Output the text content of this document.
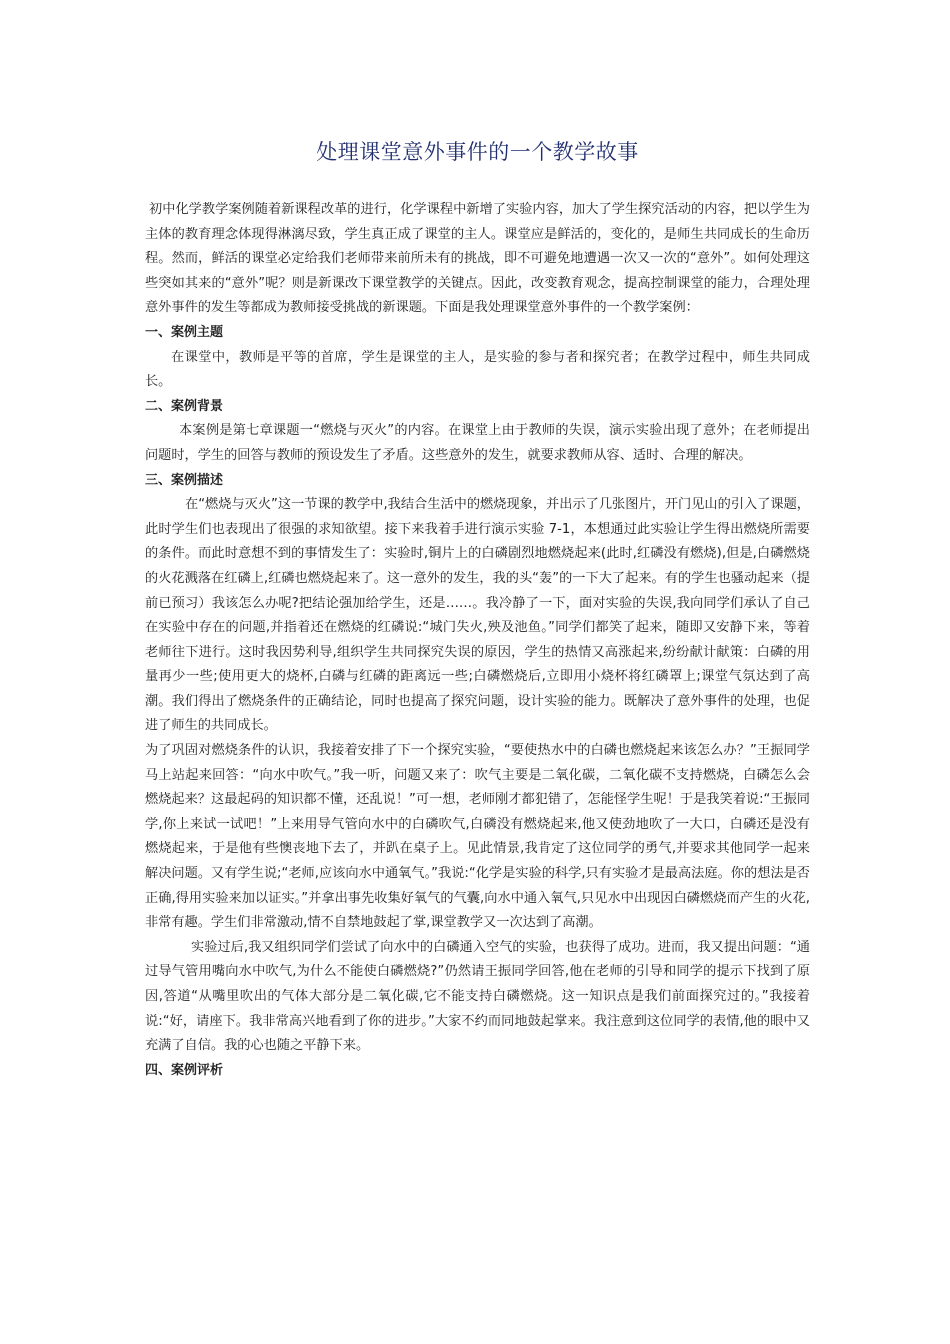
处理课堂意外事件的一个教学故事

初中化学教学案例随着新课程改革的进行，化学课程中新增了实验内容，加大了学生探究活动的内容，把以学生为主体的教育理念体现得淋漓尽致，学生真正成了课堂的主人。课堂应是鲜活的，变化的，是师生共同成长的生命历程。然而，鲜活的课堂必定给我们老师带来前所未有的挑战，即不可避免地遭遇一次又一次的“意外”。如何处理这些突如其来的“意外”呢？则是新课改下课堂教学的关键点。因此，改变教育观念，提高控制课堂的能力，合理处理意外事件的发生等都成为教师接受挑战的新课题。下面是我处理课堂意外事件的一个教学案例：

一、案例主题

在课堂中，教师是平等的首席，学生是课堂的主人，是实验的参与者和探究者；在教学过程中，师生共同成长。

二、案例背景

本案例是第七章课题一“燃烧与灭火”的内容。在课堂上由于教师的失误，演示实验出现了意外；在老师提出问题时，学生的回答与教师的预设发生了矛盾。这些意外的发生，就要求教师从容、适时、合理的解决。

三、案例描述

在“燃烧与灭火”这一节课的教学中,我结合生活中的燃烧现象，并出示了几张图片，开门见山的引入了课题，此时学生们也表现出了很强的求知欲望。接下来我着手进行演示实验 7-1，本想通过此实验让学生得出燃烧所需要的条件。而此时意想不到的事情发生了：实验时,铜片上的白磷剧烈地燃烧起来(此时,红磷没有燃烧),但是,白磷燃烧的火花溅落在红磷上,红磷也燃烧起来了。这一意外的发生，我的头“轰”的一下大了起来。有的学生也骚动起来（提前已预习）我该怎么办呢?把结论强加给学生，还是……。我冷静了一下，面对实验的失误,我向同学们承认了自己在实验中存在的问题,并指着还在燃烧的红磷说:“城门失火,殃及池鱼。”同学们都笑了起来，随即又安静下来，等着老师往下进行。这时我因势利导,组织学生共同探究失误的原因，学生的热情又高涨起来,纷纷献计献策：白磷的用量再少一些;使用更大的烧杯,白磷与红磷的距离远一些;白磷燃烧后,立即用小烧杯将红磷罩上;课堂气氛达到了高潮。我们得出了燃烧条件的正确结论，同时也提高了探究问题，设计实验的能力。既解决了意外事件的处理，也促进了师生的共同成长。

为了巩固对燃烧条件的认识，我接着安排了下一个探究实验，“要使热水中的白磷也燃烧起来该怎么办？”王振同学马上站起来回答：“向水中吹气。”我一听，问题又来了：吹气主要是二氧化碳，二氧化碳不支持燃烧，白磷怎么会燃烧起来？这最起码的知识都不懂，还乱说！”可一想，老师刚才都犯错了，怎能怪学生呢！于是我笑着说:“王振同学,你上来试一试吧！”上来用导气管向水中的白磷吹气,白磷没有燃烧起来,他又使劲地吹了一大口，白磷还是没有燃烧起来，于是他有些懊丧地下去了，并趴在桌子上。见此情景,我肯定了这位同学的勇气,并要求其他同学一起来解决问题。又有学生说;“老师,应该向水中通氧气。”我说:“化学是实验的科学,只有实验才是最高法庭。你的想法是否正确,得用实验来加以证实。”并拿出事先收集好氧气的气囊,向水中通入氧气,只见水中出现因白磷燃烧而产生的火花,非常有趣。学生们非常激动,情不自禁地鼓起了掌,课堂教学又一次达到了高潮。

实验过后,我又组织同学们尝试了向水中的白磷通入空气的实验，也获得了成功。进而，我又提出问题：“通过导气管用嘴向水中吹气,为什么不能使白磷燃烧?”仍然请王振同学回答,他在老师的引导和同学的提示下找到了原因,答道“从嘴里吹出的气体大部分是二氧化碳,它不能支持白磷燃烧。这一知识点是我们前面探究过的。”我接着说:“好，请座下。我非常高兴地看到了你的进步。”大家不约而同地鼓起掌来。我注意到这位同学的表情,他的眼中又充满了自信。我的心也随之平静下来。

四、案例评析
